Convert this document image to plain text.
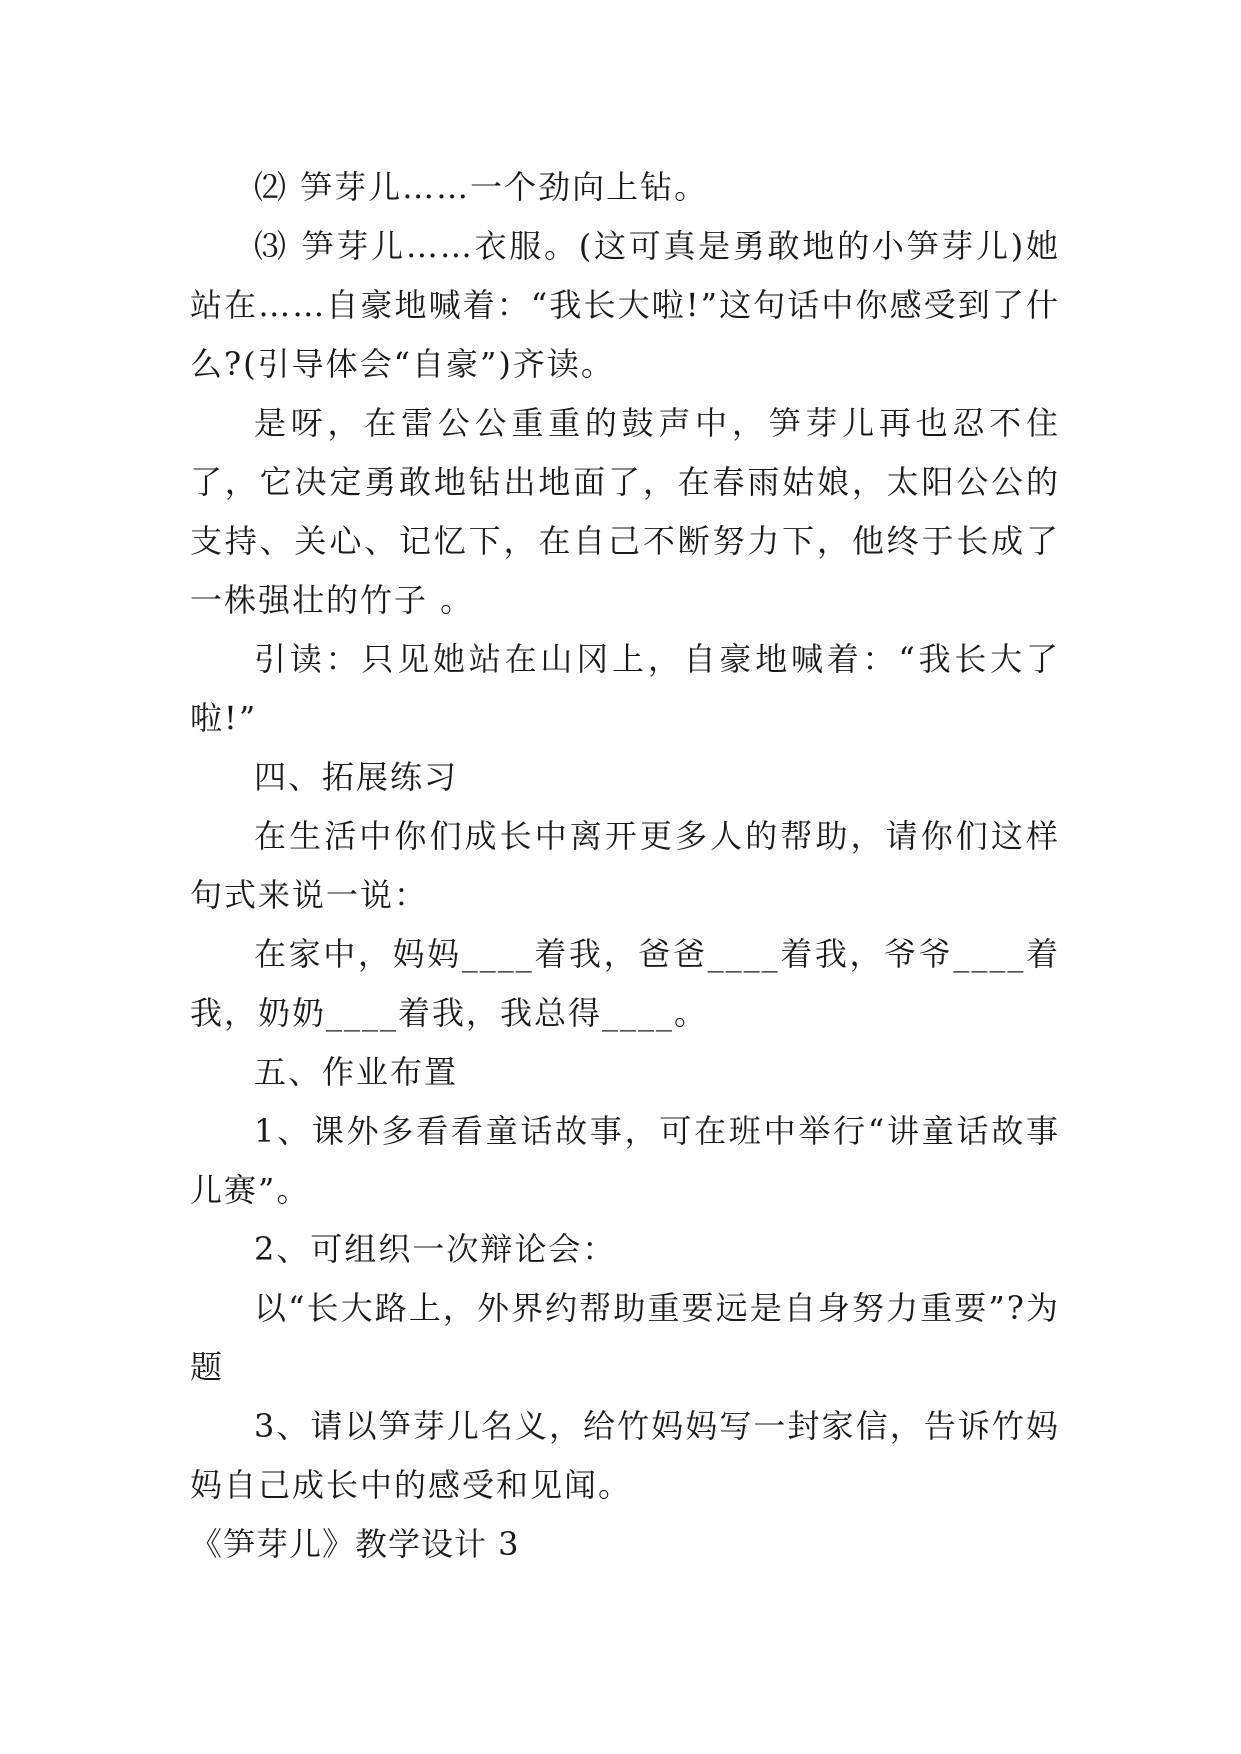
⑵ 笋芽儿……一个劲向上钻。

⑶ 笋芽儿……衣服。(这可真是勇敢地的小笋芽儿)她站在……自豪地喊着：“我长大啦!”这句话中你感受到了什么?(引导体会“自豪”)齐读。

是呀，在雷公公重重的鼓声中，笋芽儿再也忍不住了，它决定勇敢地钻出地面了，在春雨姑娘，太阳公公的支持、关心、记忆下，在自己不断努力下，他终于长成了一株强壮的竹子 。

引读：只见她站在山冈上，自豪地喊着：“我长大了啦!”

四、拓展练习

在生活中你们成长中离开更多人的帮助，请你们这样句式来说一说：

在家中，妈妈____着我，爸爸____着我，爷爷____着我，奶奶____着我，我总得____。

五、作业布置

1、课外多看看童话故事，可在班中举行“讲童话故事儿赛”。

2、可组织一次辩论会：

以“长大路上，外界约帮助重要远是自身努力重要”?为题

3、请以笋芽儿名义，给竹妈妈写一封家信，告诉竹妈妈自己成长中的感受和见闻。

《笋芽儿》教学设计 3
